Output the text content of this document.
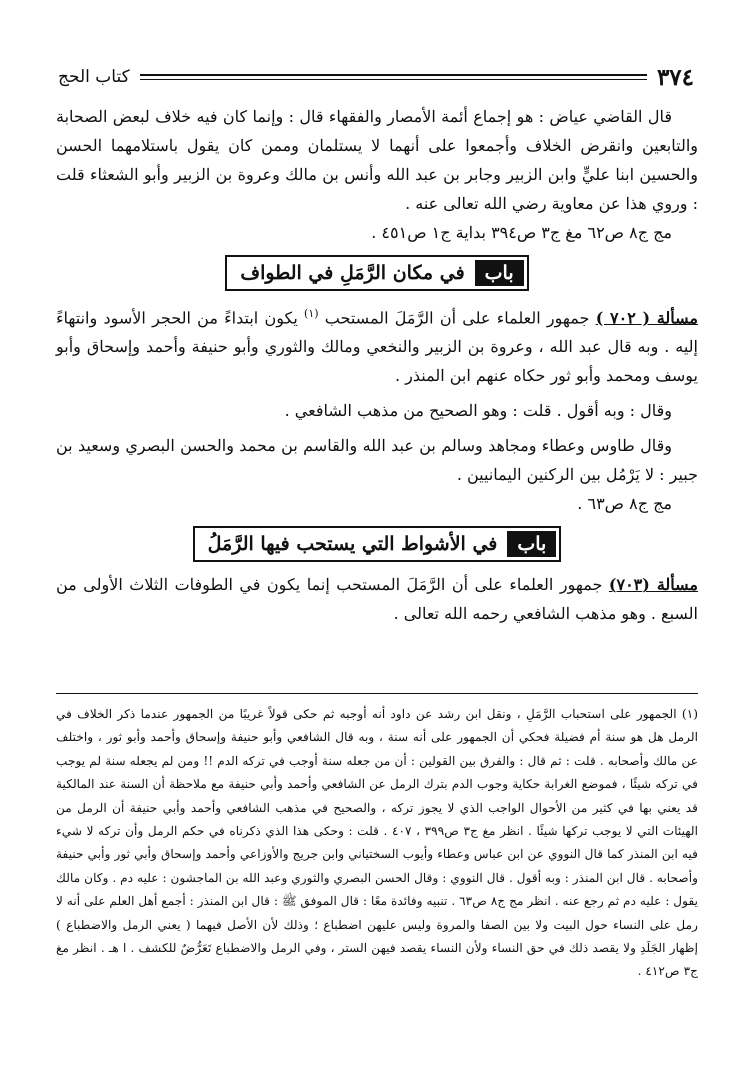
٣٧٤
كتاب الحج

قال القاضي عياض : هو إجماع أئمة الأمصار والفقهاء قال : وإنما كان فيه خلاف لبعض الصحابة والتابعين وانقرض الخلاف وأجمعوا على أنهما لا يستلمان وممن كان يقول باستلامهما الحسن والحسين ابنا عليٍّ وابن الزبير وجابر بن عبد الله وأنس بن مالك وعروة بن الزبير وأبو الشعثاء قلت : وروي هذا عن معاوية رضي الله تعالى عنه .

مج ج٨ ص٦٢ مغ ج٣ ص٣٩٤ بداية ج١ ص٤٥١ .

باب
في مكان الرَّمَلِ في الطواف

مسألة ( ٧٠٢ ) جمهور العلماء على أن الرَّمَلَ المستحب $^{(١)}$ يكون ابتداءً من الحجر الأسود وانتهاءً إليه . وبه قال عبد الله ، وعروة بن الزبير والنخعي ومالك والثوري وأبو حنيفة وأحمد وإسحاق وأبو يوسف ومحمد وأبو ثور حكاه عنهم ابن المنذر .

وقال : وبه أقول . قلت : وهو الصحيح من مذهب الشافعي .

وقال طاوس وعطاء ومجاهد وسالم بن عبد الله والقاسم بن محمد والحسن البصري وسعيد بن جبير : لا يَرْمُل بين الركنين اليمانيين .

مج ج٨ ص٦٣ .

باب
في الأشواط التي يستحب فيها الرَّمَلُ

مسألة (٧٠٣) جمهور العلماء على أن الرَّمَلَ المستحب إنما يكون في الطوفات الثلاث الأولى من السبع . وهو مذهب الشافعي رحمه الله تعالى .

(١) الجمهور على استحباب الرَّمَلِ ، ونقل ابن رشد عن داود أنه أوجبه ثم حكى قولاً غريبًا من الجمهور عندما ذكر الخلاف في الرمل هل هو سنة أم فضيلة فحكي أن الجمهور على أنه سنة ، وبه قال الشافعي وأبو حنيفة وإسحاق وأحمد وأبو ثور ، واختلف عن مالك وأصحابه . قلت : ثم قال : والفرق بين القولين : أن من جعله سنة أوجب في تركه الدم !! ومن لم يجعله سنة لم يوجب في تركه شيئًا ، فموضع الغرابة حكاية وجوب الدم بترك الرمل عن الشافعي وأحمد وأبي حنيفة مع ملاحظة أن السنة عند المالكية قد يعني بها في كثير من الأحوال الواجب الذي لا يجوز تركه ، والصحيح في مذهب الشافعي وأحمد وأبي حنيفة أن الرمل من الهيئات التي لا يوجب تركها شيئًا . انظر مغ ج٣ ص٣٩٩ ، ٤٠٧ . قلت : وحكى هذا الذي ذكرناه في حكم الرمل وأن تركه لا شيء فيه ابن المنذر كما قال النووي عن ابن عباس وعطاء وأيوب السختياني وابن جريج والأوزاعي وأحمد وإسحاق وأبي ثور وأبي حنيفة وأصحابه . قال ابن المنذر : وبه أقول . قال النووي : وقال الحسن البصري والثوري وعبد الله بن الماجشون : عليه دم . وكان مالك يقول : عليه دم ثم رجع عنه . انظر مج ج٨ ص٦٣ . تنبيه وفائدة معًا : قال الموفق ﷺ : قال ابن المنذر : أجمع أهل العلم على أنه لا رمل على النساء حول البيت ولا بين الصفا والمروة وليس عليهن اضطباع ؛ وذلك لأن الأصل فيهما ( يعني الرمل والاضطباع ) إظهار الجَلَدِ ولا يقصد ذلك في حق النساء ولأن النساء يقصد فيهن الستر ، وفي الرمل والاضطباع تَعَرُّضٌ للكشف . ا هـ . انظر مغ ج٣ ص٤١٢ .
